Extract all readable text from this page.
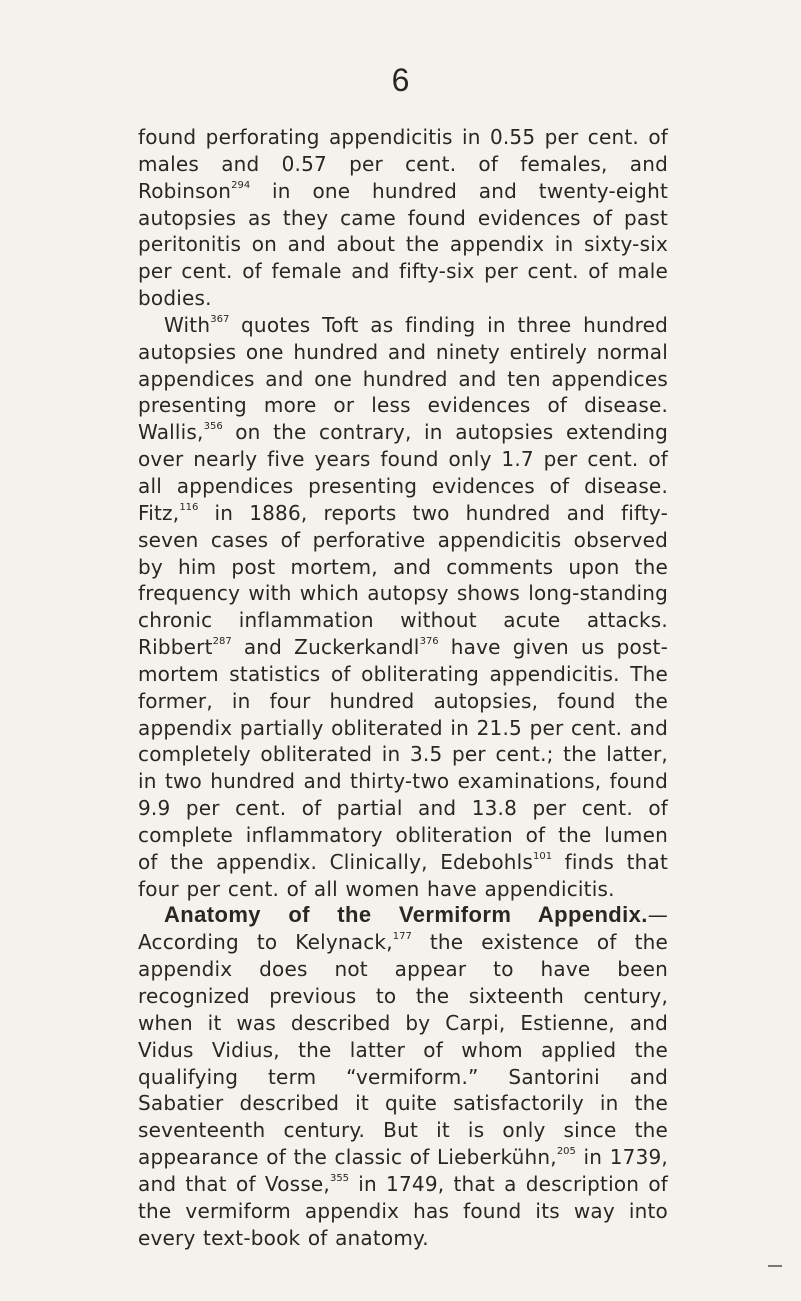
6

found perforating appendicitis in 0.55 per cent. of males and 0.57 per cent. of females, and Robinson$^{294}$ in one hundred and twenty-eight autopsies as they came found evidences of past peritonitis on and about the appendix in sixty-six per cent. of female and fifty-six per cent. of male bodies.

With$^{367}$ quotes Toft as finding in three hundred autopsies one hundred and ninety entirely normal appendices and one hundred and ten appendices presenting more or less evidences of disease. Wallis,$^{356}$ on the contrary, in autopsies extending over nearly five years found only 1.7 per cent. of all appendices presenting evidences of disease. Fitz,$^{116}$ in 1886, reports two hundred and fifty-seven cases of perforative appendicitis observed by him post mortem, and comments upon the frequency with which autopsy shows long-standing chronic inflammation without acute attacks. Ribbert$^{287}$ and Zuckerkandl$^{376}$ have given us post-mortem statistics of obliterating appendicitis. The former, in four hundred autopsies, found the appendix partially obliterated in 21.5 per cent. and completely obliterated in 3.5 per cent.; the latter, in two hundred and thirty-two examinations, found 9.9 per cent. of partial and 13.8 per cent. of complete inflammatory obliteration of the lumen of the appendix. Clinically, Edebohls$^{101}$ finds that four per cent. of all women have appendicitis.

Anatomy of the Vermiform Appendix.—According to Kelynack,$^{177}$ the existence of the appendix does not appear to have been recognized previous to the sixteenth century, when it was described by Carpi, Estienne, and Vidus Vidius, the latter of whom applied the qualifying term “vermiform.” Santorini and Sabatier described it quite satisfactorily in the seventeenth century. But it is only since the appearance of the classic of Lieberkühn,$^{205}$ in 1739, and that of Vosse,$^{355}$ in 1749, that a description of the vermiform appendix has found its way into every text-book of anatomy.
